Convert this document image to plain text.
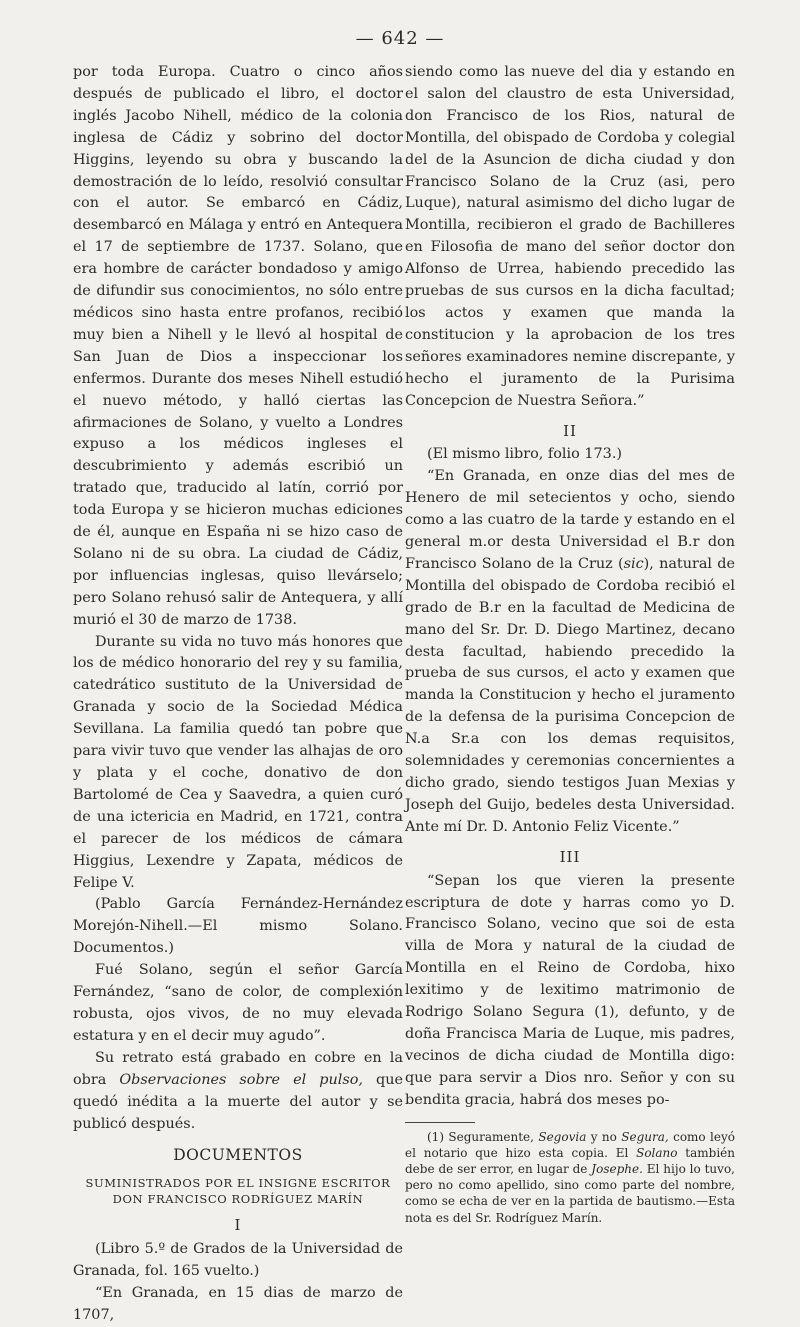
— 642 —

por toda Europa. Cuatro o cinco años después de publicado el libro, el doctor inglés Jacobo Nihell, médico de la colonia inglesa de Cádiz y sobrino del doctor Higgins, leyendo su obra y buscando la demostración de lo leído, resolvió consultar con el autor. Se embarcó en Cádiz, desembarcó en Málaga y entró en Antequera el 17 de septiembre de 1737. Solano, que era hombre de carácter bondadoso y amigo de difundir sus conocimientos, no sólo entre médicos sino hasta entre profanos, recibió muy bien a Nihell y le llevó al hospital de San Juan de Dios a inspeccionar los enfermos. Durante dos meses Nihell estudió el nuevo método, y halló ciertas las afirmaciones de Solano, y vuelto a Londres expuso a los médicos ingleses el descubrimiento y además escribió un tratado que, traducido al latín, corrió por toda Europa y se hicieron muchas ediciones de él, aunque en España ni se hizo caso de Solano ni de su obra. La ciudad de Cádiz, por influencias inglesas, quiso llevárselo; pero Solano rehusó salir de Antequera, y allí murió el 30 de marzo de 1738.

Durante su vida no tuvo más honores que los de médico honorario del rey y su familia, catedrático sustituto de la Universidad de Granada y socio de la Sociedad Médica Sevillana. La familia quedó tan pobre que para vivir tuvo que vender las alhajas de oro y plata y el coche, donativo de don Bartolomé de Cea y Saavedra, a quien curó de una ictericia en Madrid, en 1721, contra el parecer de los médicos de cámara Higgius, Lexendre y Zapata, médicos de Felipe V.

(Pablo García Fernández-Hernández Morejón-Nihell.—El mismo Solano. Documentos.)

Fué Solano, según el señor García Fernández, “sano de color, de complexión robusta, ojos vivos, de no muy elevada estatura y en el decir muy agudo”.

Su retrato está grabado en cobre en la obra Observaciones sobre el pulso, que quedó inédita a la muerte del autor y se publicó después.

DOCUMENTOS
SUMINISTRADOS POR EL INSIGNE ESCRITOR DON FRANCISCO RODRÍGUEZ MARÍN
I

(Libro 5.º de Grados de la Universidad de Granada, fol. 165 vuelto.)

“En Granada, en 15 dias de marzo de 1707,

siendo como las nueve del dia y estando en el salon del claustro de esta Universidad, don Francisco de los Rios, natural de Montilla, del obispado de Cordoba y colegial del de la Asuncion de dicha ciudad y don Francisco Solano de la Cruz (asi, pero Luque), natural asimismo del dicho lugar de Montilla, recibieron el grado de Bachilleres en Filosofia de mano del señor doctor don Alfonso de Urrea, habiendo precedido las pruebas de sus cursos en la dicha facultad; los actos y examen que manda la constitucion y la aprobacion de los tres señores examinadores nemine discrepante, y hecho el juramento de la Purisima Concepcion de Nuestra Señora.”

II

(El mismo libro, folio 173.)

“En Granada, en onze dias del mes de Henero de mil setecientos y ocho, siendo como a las cuatro de la tarde y estando en el general m.or desta Universidad el B.r don Francisco Solano de la Cruz (sic), natural de Montilla del obispado de Cordoba recibió el grado de B.r en la facultad de Medicina de mano del Sr. Dr. D. Diego Martinez, decano desta facultad, habiendo precedido la prueba de sus cursos, el acto y examen que manda la Constitucion y hecho el juramento de la defensa de la purisima Concepcion de N.a Sr.a con los demas requisitos, solemnidades y ceremonias concernientes a dicho grado, siendo testigos Juan Mexias y Joseph del Guijo, bedeles desta Universidad. Ante mí Dr. D. Antonio Feliz Vicente.”

III

“Sepan los que vieren la presente escriptura de dote y harras como yo D. Francisco Solano, vecino que soi de esta villa de Mora y natural de la ciudad de Montilla en el Reino de Cordoba, hixo lexitimo y de lexitimo matrimonio de Rodrigo Solano Segura (1), defunto, y de doña Francisca Maria de Luque, mis padres, vecinos de dicha ciudad de Montilla digo: que para servir a Dios nro. Señor y con su bendita gracia, habrá dos meses po-

(1) Seguramente, Segovia y no Segura, como leyó el notario que hizo esta copia. El Solano también debe de ser error, en lugar de Josephe. El hijo lo tuvo, pero no como apellido, sino como parte del nombre, como se echa de ver en la partida de bautismo.—Esta nota es del Sr. Rodríguez Marín.
